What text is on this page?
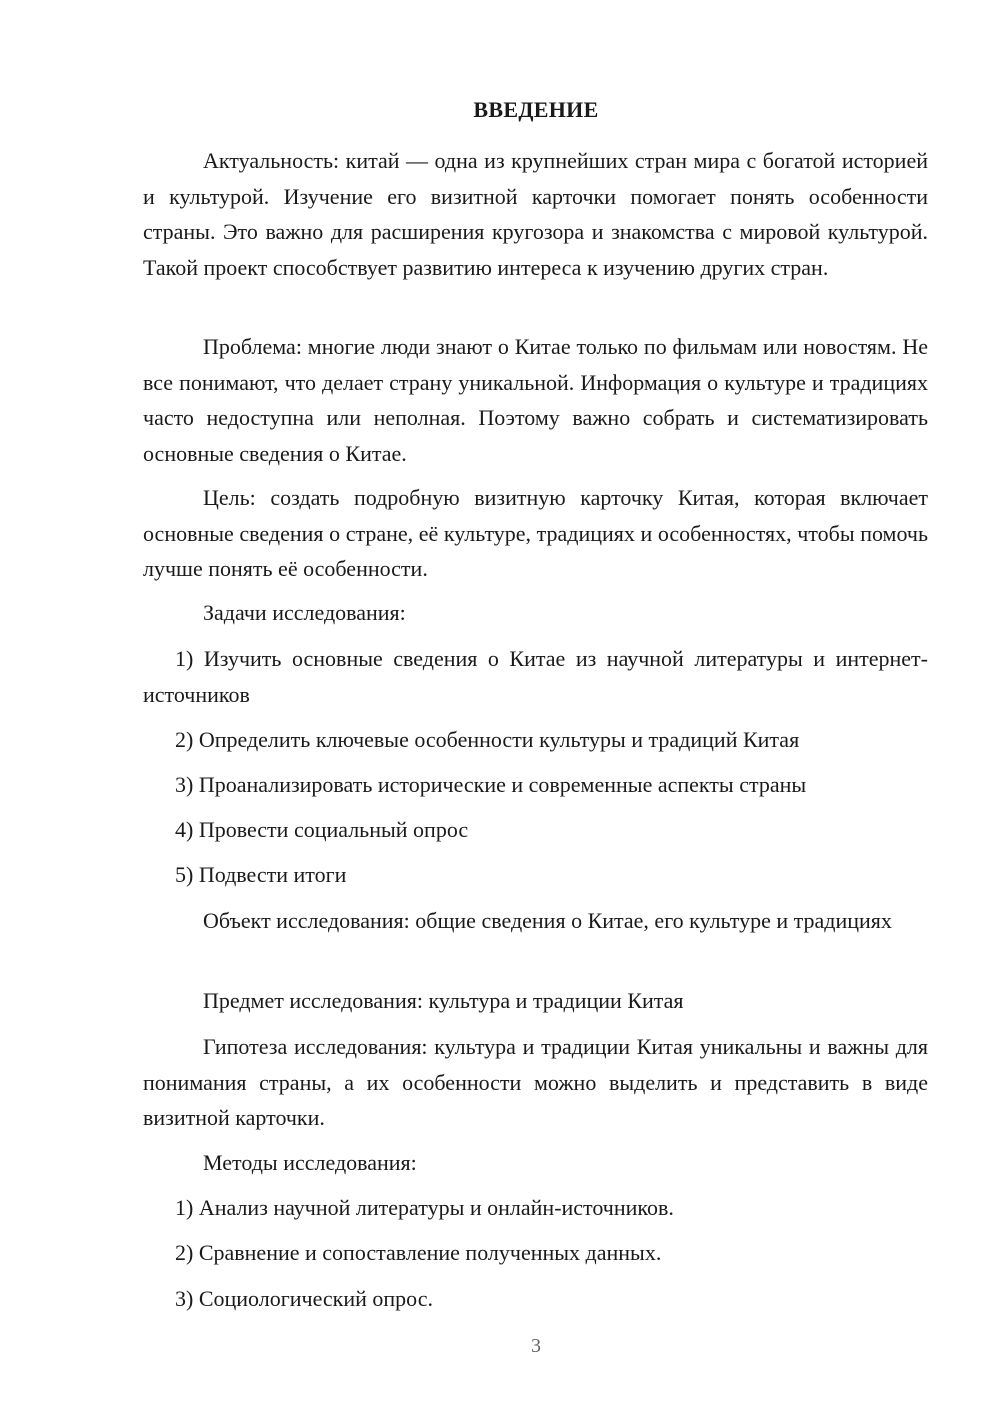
ВВЕДЕНИЕ

Актуальность: китай — одна из крупнейших стран мира с богатой историей и культурой. Изучение его визитной карточки помогает понять особенности страны. Это важно для расширения кругозора и знакомства с мировой культурой. Такой проект способствует развитию интереса к изучению других стран.

Проблема: многие люди знают о Китае только по фильмам или новостям. Не все понимают, что делает страну уникальной. Информация о культуре и традициях часто недоступна или неполная. Поэтому важно собрать и систематизировать основные сведения о Китае.

Цель: создать подробную визитную карточку Китая, которая включает основные сведения о стране, её культуре, традициях и особенностях, чтобы помочь лучше понять её особенности.

Задачи исследования:

1) Изучить основные сведения о Китае из научной литературы и интернет-источников

2) Определить ключевые особенности культуры и традиций Китая

3) Проанализировать исторические и современные аспекты страны

4) Провести социальный опрос

5) Подвести итоги

Объект исследования: общие сведения о Китае, его культуре и традициях

Предмет исследования: культура и традиции Китая

Гипотеза исследования: культура и традиции Китая уникальны и важны для понимания страны, а их особенности можно выделить и представить в виде визитной карточки.

Методы исследования:

1) Анализ научной литературы и онлайн-источников.

2) Сравнение и сопоставление полученных данных.

3) Социологический опрос.

3
